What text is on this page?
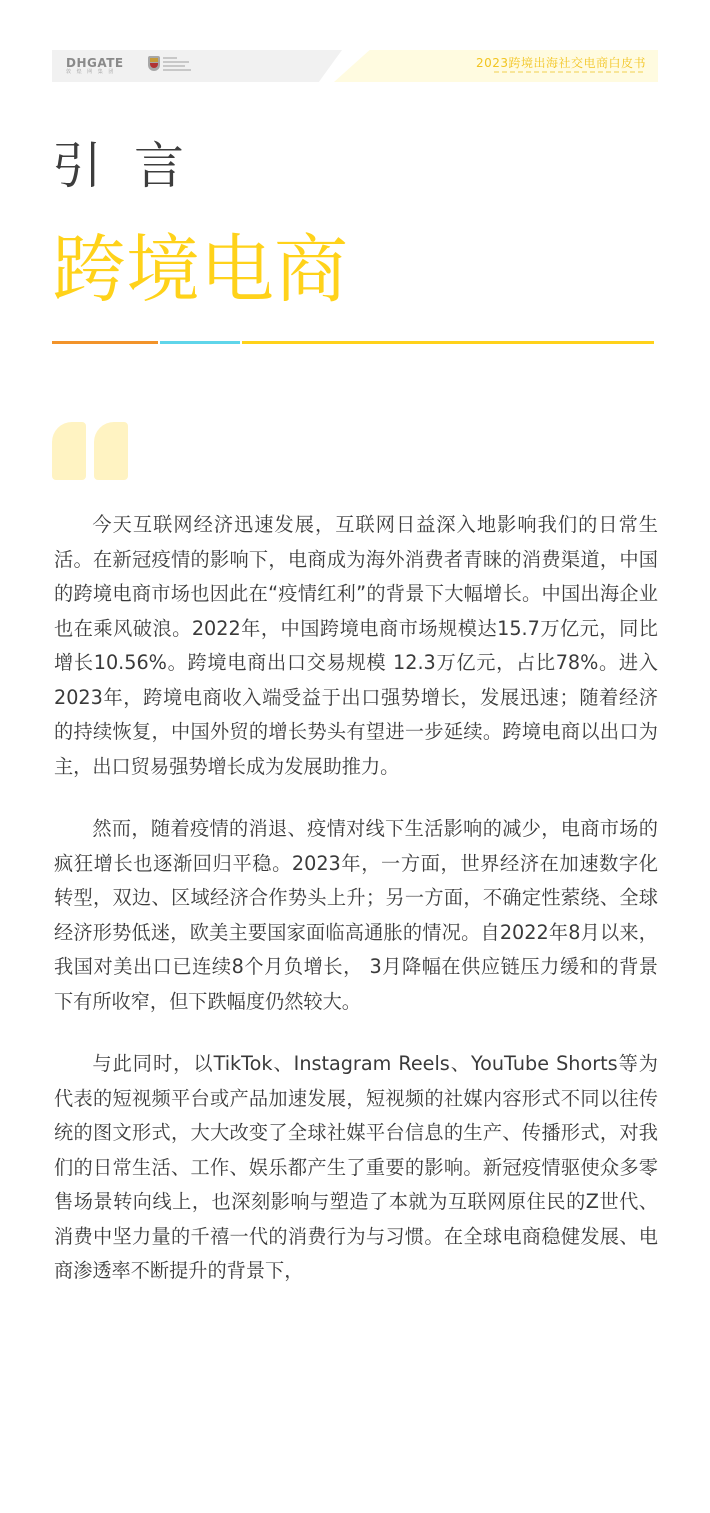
DHGATE
敦 煌 网 集 团
2023跨境出海社交电商白皮书
引言
跨境电商

今天互联网经济迅速发展，互联网日益深入地影响我们的日常生活。在新冠疫情的影响下，电商成为海外消费者青睐的消费渠道，中国的跨境电商市场也因此在“疫情红利”的背景下大幅增长。中国出海企业也在乘风破浪。2022年，中国跨境电商市场规模达15.7万亿元，同比增长10.56%。跨境电商出口交易规模 12.3万亿元，占比78%。进入2023年，跨境电商收入端受益于出口强势增长，发展迅速；随着经济的持续恢复，中国外贸的增长势头有望进一步延续。跨境电商以出口为主，出口贸易强势增长成为发展助推力。

然而，随着疫情的消退、疫情对线下生活影响的减少，电商市场的疯狂增长也逐渐回归平稳。2023年，一方面，世界经济在加速数字化转型，双边、区域经济合作势头上升；另一方面，不确定性萦绕、全球经济形势低迷，欧美主要国家面临高通胀的情况。自2022年8月以来， 我国对美出口已连续8个月负增长， 3月降幅在供应链压力缓和的背景下有所收窄，但下跌幅度仍然较大。

与此同时，以TikTok、Instagram Reels、YouTube Shorts等为代表的短视频平台或产品加速发展，短视频的社媒内容形式不同以往传统的图文形式，大大改变了全球社媒平台信息的生产、传播形式，对我们的日常生活、工作、娱乐都产生了重要的影响。新冠疫情驱使众多零售场景转向线上，也深刻影响与塑造了本就为互联网原住民的Z世代、消费中坚力量的千禧一代的消费行为与习惯。在全球电商稳健发展、电商渗透率不断提升的背景下，
